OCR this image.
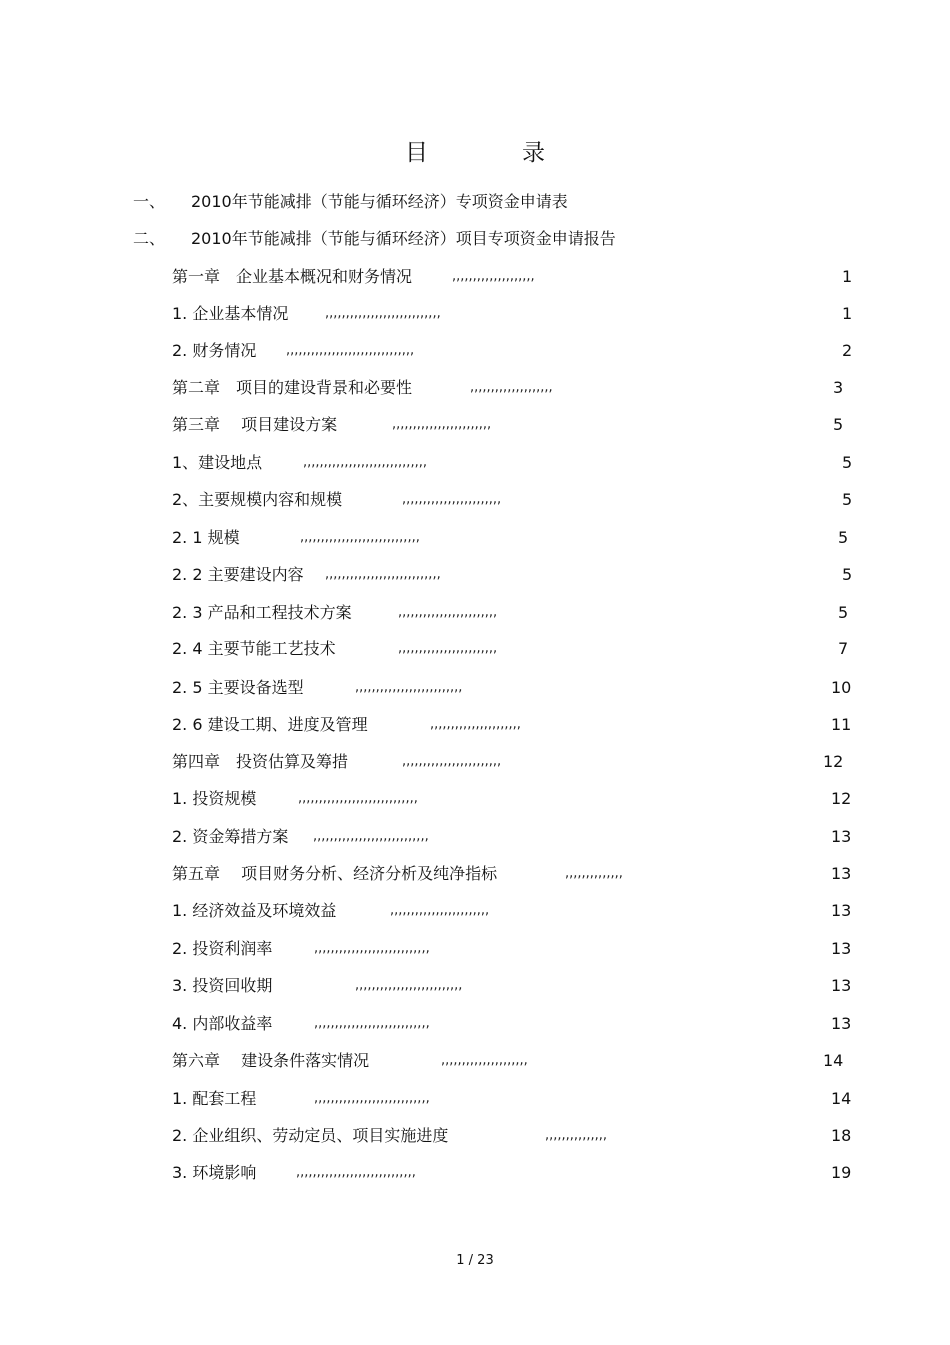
目	录
一、 2010年节能减排（节能与循环经济）专项资金申请表
二、 2010年节能减排（节能与循环经济）项目专项资金申请报告
第一章　企业基本概况和财务情况	,,,,,,,,,,,,,,,,,,,,	1
1. 企业基本情况	,,,,,,,,,,,,,,,,,,,,,,,,,,,,	1
2. 财务情况 ,,,,,,,,,,,,,,,,,,,,,,,,,,,,,,,	2
第二章　项目的建设背景和必要性	,,,,,,,,,,,,,,,,,,,,	3
第三章　 项目建设方案	,,,,,,,,,,,,,,,,,,,,,,,,	5
1、建设地点	,,,,,,,,,,,,,,,,,,,,,,,,,,,,,,	5
2、主要规模内容和规模	,,,,,,,,,,,,,,,,,,,,,,,,	5
2. 1 规模	,,,,,,,,,,,,,,,,,,,,,,,,,,,,,	5
2. 2 主要建设内容 ,,,,,,,,,,,,,,,,,,,,,,,,,,,,	5
2. 3 产品和工程技术方案	,,,,,,,,,,,,,,,,,,,,,,,,	5
2. 4 主要节能工艺技术	,,,,,,,,,,,,,,,,,,,,,,,,	7
2. 5 主要设备选型	,,,,,,,,,,,,,,,,,,,,,,,,,,	10
2. 6 建设工期、进度及管理	,,,,,,,,,,,,,,,,,,,,,,	11
第四章　投资估算及筹措	,,,,,,,,,,,,,,,,,,,,,,,,	12
1. 投资规模	,,,,,,,,,,,,,,,,,,,,,,,,,,,,,	12
2. 资金筹措方案 ,,,,,,,,,,,,,,,,,,,,,,,,,,,,	13
第五章　 项目财务分析、经济分析及纯净指标	,,,,,,,,,,,,,,	13
1. 经济效益及环境效益	,,,,,,,,,,,,,,,,,,,,,,,,	13
2. 投资利润率	,,,,,,,,,,,,,,,,,,,,,,,,,,,,	13
3. 投资回收期	,,,,,,,,,,,,,,,,,,,,,,,,,,	13
4. 内部收益率	,,,,,,,,,,,,,,,,,,,,,,,,,,,,	13
第六章　 建设条件落实情况	,,,,,,,,,,,,,,,,,,,,,	14
1. 配套工程	,,,,,,,,,,,,,,,,,,,,,,,,,,,,	14
2. 企业组织、劳动定员、项目实施进度	,,,,,,,,,,,,,,,	18
3. 环境影响	,,,,,,,,,,,,,,,,,,,,,,,,,,,,,	19
1 / 23
